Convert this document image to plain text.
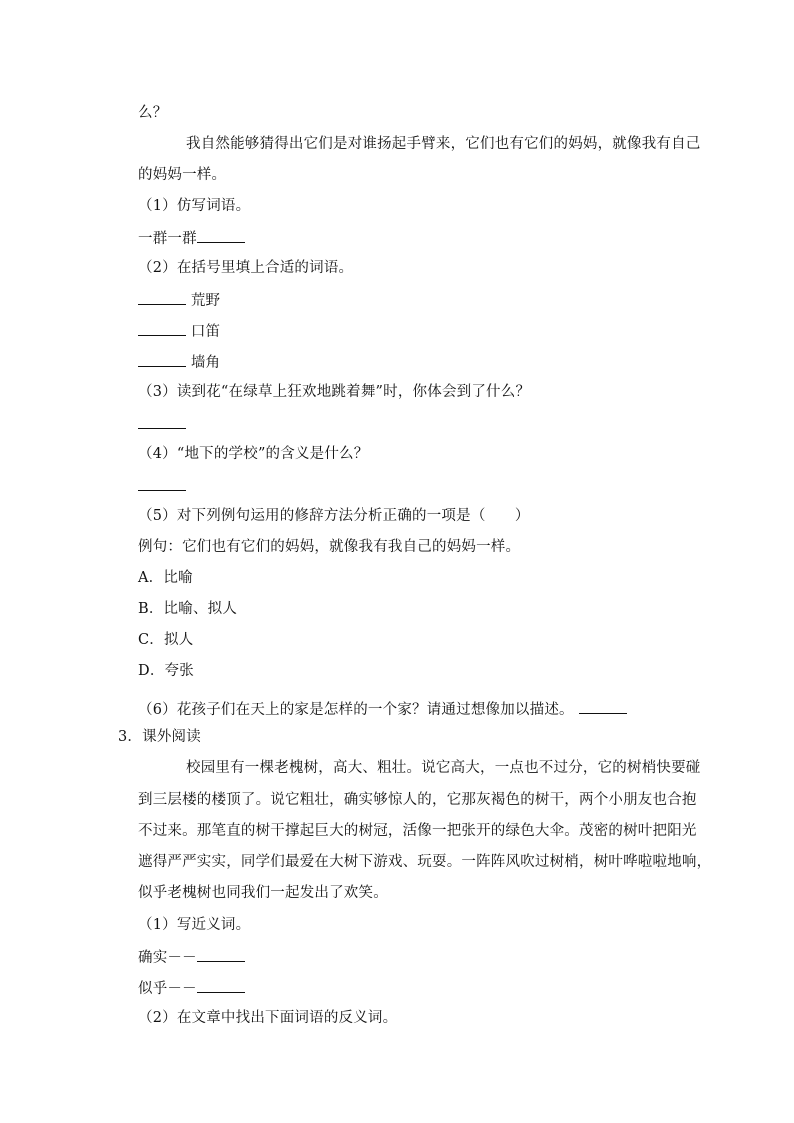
么？
我自然能够猜得出它们是对谁扬起手臂来，它们也有它们的妈妈，就像我有自己
的妈妈一样。
（1）仿写词语。
一群一群
（2）在括号里填上合适的词语。
荒野
口笛
墙角
（3）读到花“在绿草上狂欢地跳着舞”时，你体会到了什么？
（4）“地下的学校”的含义是什么？
（5）对下列例句运用的修辞方法分析正确的一项是（　　）
例句：它们也有它们的妈妈，就像我有我自己的妈妈一样。
A．比喻
B．比喻、拟人
C．拟人
D．夸张
（6）花孩子们在天上的家是怎样的一个家？请通过想像加以描述。
3．课外阅读
校园里有一棵老槐树，高大、粗壮。说它高大，一点也不过分，它的树梢快要碰
到三层楼的楼顶了。说它粗壮，确实够惊人的，它那灰褐色的树干，两个小朋友也合抱
不过来。那笔直的树干撑起巨大的树冠，活像一把张开的绿色大伞。茂密的树叶把阳光
遮得严严实实，同学们最爱在大树下游戏、玩耍。一阵阵风吹过树梢，树叶哗啦啦地响，
似乎老槐树也同我们一起发出了欢笑。
（1）写近义词。
确实－－
似乎－－
（2）在文章中找出下面词语的反义词。
